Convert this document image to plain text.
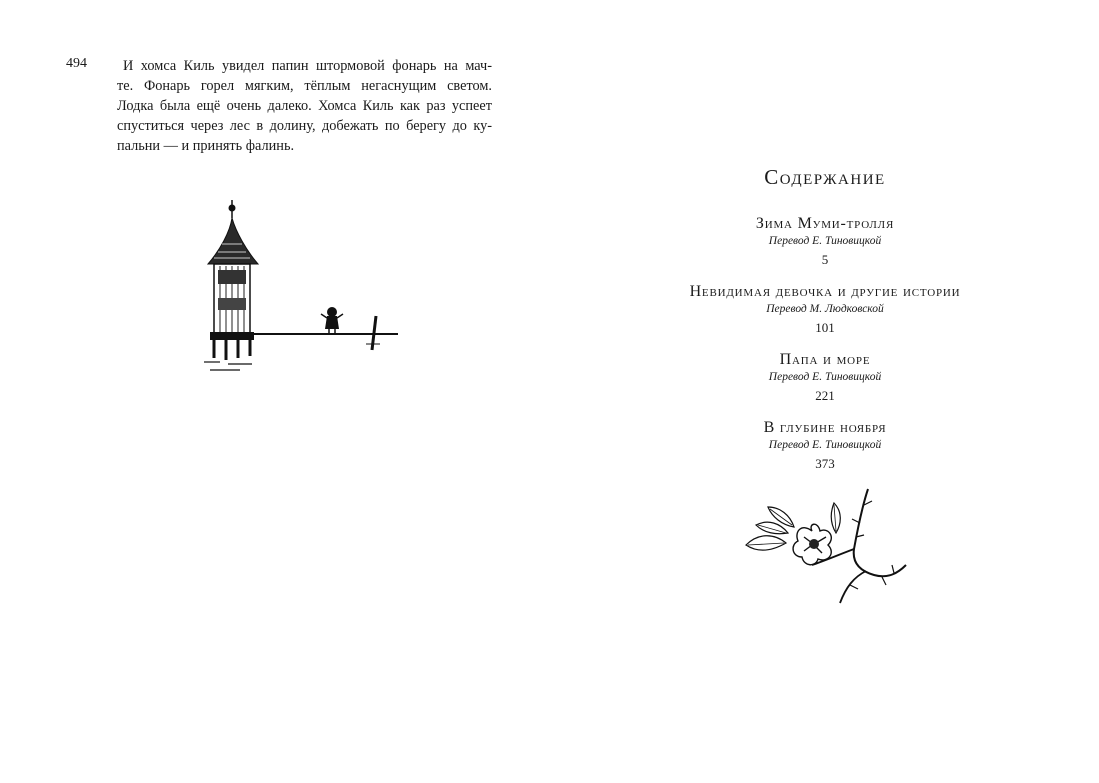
494	И хомса Киль увидел папин штормовой фонарь на мач-
те. Фонарь горел мягким, тёплым негаснущим светом.
Лодка была ещё очень далеко. Хомса Киль как раз успеет
спуститься через лес в долину, добежать по берегу до ку-
пальни — и принять фалинь.

Содержание
Зима Муми-тролля
Перевод Е. Тиновицкой
5
Невидимая девочка и другие истории
Перевод М. Людковской
101
Папа и море
Перевод Е. Тиновицкой
221
В глубине ноября
Перевод Е. Тиновицкой
373
